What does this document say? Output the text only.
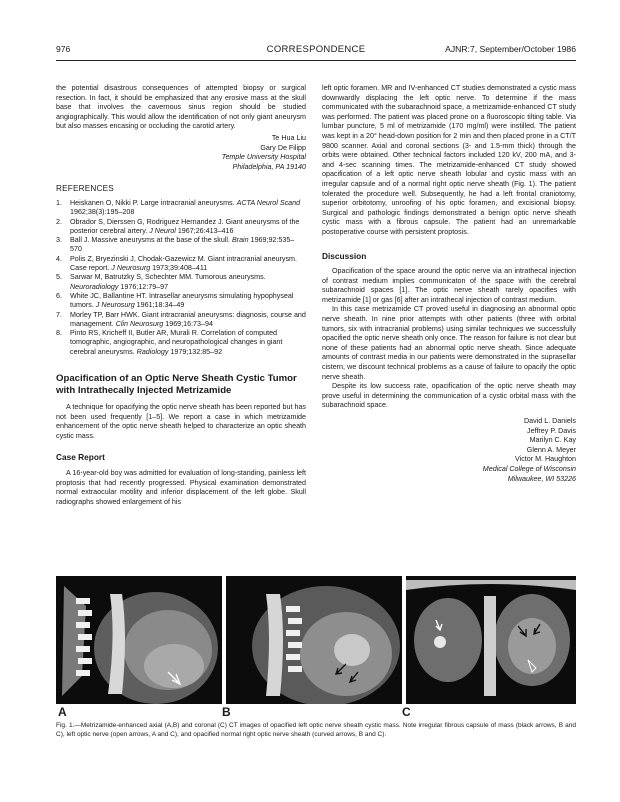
976	CORRESPONDENCE	AJNR:7, September/October 1986

the potential disastrous consequences of attempted biopsy or surgical resection. In fact, it should be emphasized that any erosive mass at the skull base that involves the cavernous sinus region should be studied angiographically. This would allow the identification of not only giant aneurysm but also masses encasing or occluding the carotid artery.

Te Hua Liu
Gary De Filipp
Temple University Hospital
Philadelphia, PA 19140
REFERENCES
1. Heiskanen O, Nikki P. Large intracranial aneurysms. ACTA Neurol Scand 1962;38(3):195–208
2. Obrador S, Dierssen G, Rodriguez Hernandez J. Giant aneurysms of the posterior cerebral artery. J Neurol 1967;26:413–416
3. Ball J. Massive aneurysms at the base of the skull. Brain 1969;92:535–570
4. Polis Z, Bryezinski J, Chodak-Gazewicz M. Giant intracranial aneurysm. Case report. J Neurosurg 1973;39:408–411
5. Sarwar M, Batrutzky S, Schechter MM. Tumorous aneurysms. Neuroradiology 1976;12:79–97
6. White JC, Ballantine HT. Intrasellar aneurysms simulating hypophyseal tumors. J Neurosurg 1961;18:34–49
7. Morley TP, Barr HWK. Giant intracranial aneurysms: diagnosis, course and management. Clin Neurosurg 1969;16:73–94
8. Pinto RS, Kricheff II, Butler AR, Murali R. Correlation of computed tomographic, angiographic, and neuropathological changes in giant cerebral aneurysms. Radiology 1979;132:85–92
Opacification of an Optic Nerve Sheath Cystic Tumor with Intrathecally Injected Metrizamide

A technique for opacifying the optic nerve sheath has been reported but has not been used frequently [1–5]. We report a case in which metrizamide enhancement of the optic nerve sheath helped to characterize an optic sheath cystic mass.

Case Report

A 16-year-old boy was admitted for evaluation of long-standing, painless left proptosis that had recently progressed. Physical examination demonstrated normal extraocular motility and inferior displacement of the left globe. Skull radiographs showed enlargement of his

left optic foramen. MR and IV-enhanced CT studies demonstrated a cystic mass downwardly displacing the left optic nerve. To determine if the mass communicated with the subarachnoid space, a metrizamide-enhanced CT study was performed. The patient was placed prone on a fluoroscopic tilting table. Via lumbar puncture, 5 ml of metrizamide (170 mg/ml) were instilled. The patient was kept in a 20° head-down position for 2 min and then placed prone in a CT/T 9800 scanner. Axial and coronal sections (3- and 1.5-mm thick) through the orbits were obtained. Other technical factors included 120 kV, 200 mA, and 3- and 4-sec scanning times. The metrizamide-enhanced CT study showed opacification of a left optic nerve sheath lobular and cystic mass with an irregular capsule and of a normal right optic nerve sheath (Fig. 1). The patient tolerated the procedure well. Subsequently, he had a left frontal craniotomy, superior orbitotomy, unroofing of his optic foramen, and excisional biopsy. Surgical and pathologic findings demonstrated a benign optic nerve sheath cystic mass with a fibrous capsule. The patient had an unremarkable postoperative course with persistent proptosis.

Discussion

Opacification of the space around the optic nerve via an intrathecal injection of contrast medium implies communicaton of the space with the cerebral subarachnoid spaces [1]. The optic nerve sheath rarely opacifies with metrizamide [1] or gas [6] after an intrathecal injection of contrast medium.

In this case metrizamide CT proved useful in diagnosing an abnormal optic nerve sheath. In nine prior attempts with other patients (three with orbital tumors, six with intracranial problems) using similar techniques we successfully opacified the optic nerve sheath only once. The reason for failure is not clear but none of these patients had an abnormal optic nerve sheath. Since adequate amounts of contrast media in our patients were demonstrated in the suprasellar cistern, we discount technical problems as a cause of failure to opacify the optic nerve sheath.

Despite its low success rate, opacification of the optic nerve sheath may prove useful in determining the communication of a cystic orbital mass with the subarachnoid space.

David L. Daniels
Jeffrey P. Davis
Marilyn C. Kay
Glenn A. Meyer
Victor M. Haughton
Medical College of Wisconsin
Milwaukee, WI 53226
A	B	C
Fig. 1.—Metrizamide-enhanced axial (A,B) and coronal (C) CT images of opacified left optic nerve sheath cystic mass. Note irregular fibrous capsule of mass (black arrows, B and C), left optic nerve (open arrows, A and C), and opacified normal right optic nerve sheath (curved arrows, B and C).
